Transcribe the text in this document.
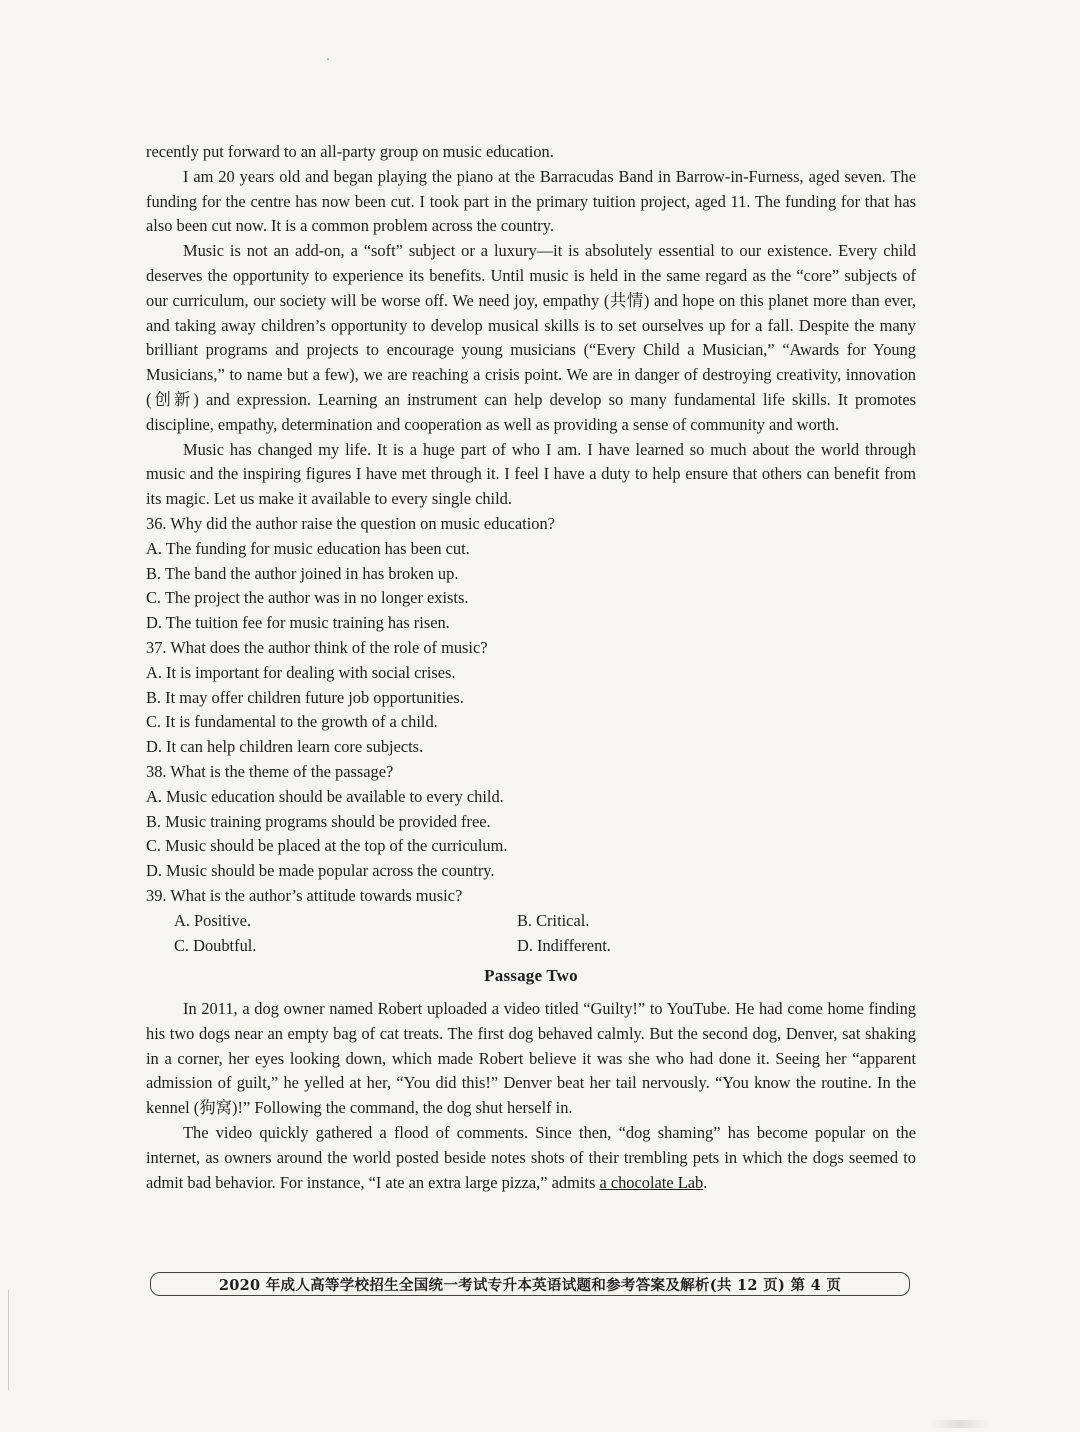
recently put forward to an all-party group on music education.

I am 20 years old and began playing the piano at the Barracudas Band in Barrow-in-Furness, aged seven. The funding for the centre has now been cut. I took part in the primary tuition project, aged 11. The funding for that has also been cut now. It is a common problem across the country.

Music is not an add-on, a “soft” subject or a luxury—it is absolutely essential to our existence. Every child deserves the opportunity to experience its benefits. Until music is held in the same regard as the “core” subjects of our curriculum, our society will be worse off. We need joy, empathy (共情) and hope on this planet more than ever, and taking away children’s opportunity to develop musical skills is to set ourselves up for a fall. Despite the many brilliant programs and projects to encourage young musicians (“Every Child a Musician,” “Awards for Young Musicians,” to name but a few), we are reaching a crisis point. We are in danger of destroying creativity, innovation (创新) and expression. Learning an instrument can help develop so many fundamental life skills. It promotes discipline, empathy, determination and cooperation as well as providing a sense of community and worth.

Music has changed my life. It is a huge part of who I am. I have learned so much about the world through music and the inspiring figures I have met through it. I feel I have a duty to help ensure that others can benefit from its magic. Let us make it available to every single child.

36. Why did the author raise the question on music education?

A. The funding for music education has been cut.

B. The band the author joined in has broken up.

C. The project the author was in no longer exists.

D. The tuition fee for music training has risen.

37. What does the author think of the role of music?

A. It is important for dealing with social crises.

B. It may offer children future job opportunities.

C. It is fundamental to the growth of a child.

D. It can help children learn core subjects.

38. What is the theme of the passage?

A. Music education should be available to every child.

B. Music training programs should be provided free.

C. Music should be placed at the top of the curriculum.

D. Music should be made popular across the country.

39. What is the author’s attitude towards music?

A. Positive.	B. Critical.
C. Doubtful.	D. Indifferent.
Passage Two

In 2011, a dog owner named Robert uploaded a video titled “Guilty!” to YouTube. He had come home finding his two dogs near an empty bag of cat treats. The first dog behaved calmly. But the second dog, Denver, sat shaking in a corner, her eyes looking down, which made Robert believe it was she who had done it. Seeing her “apparent admission of guilt,” he yelled at her, “You did this!” Denver beat her tail nervously. “You know the routine. In the kennel (狗窝)!” Following the command, the dog shut herself in.

The video quickly gathered a flood of comments. Since then, “dog shaming” has become popular on the internet, as owners around the world posted beside notes shots of their trembling pets in which the dogs seemed to admit bad behavior. For instance, “I ate an extra large pizza,” admits a chocolate Lab.

2020 年成人高等学校招生全国统一考试专升本英语试题和参考答案及解析(共 12 页) 第 4 页
